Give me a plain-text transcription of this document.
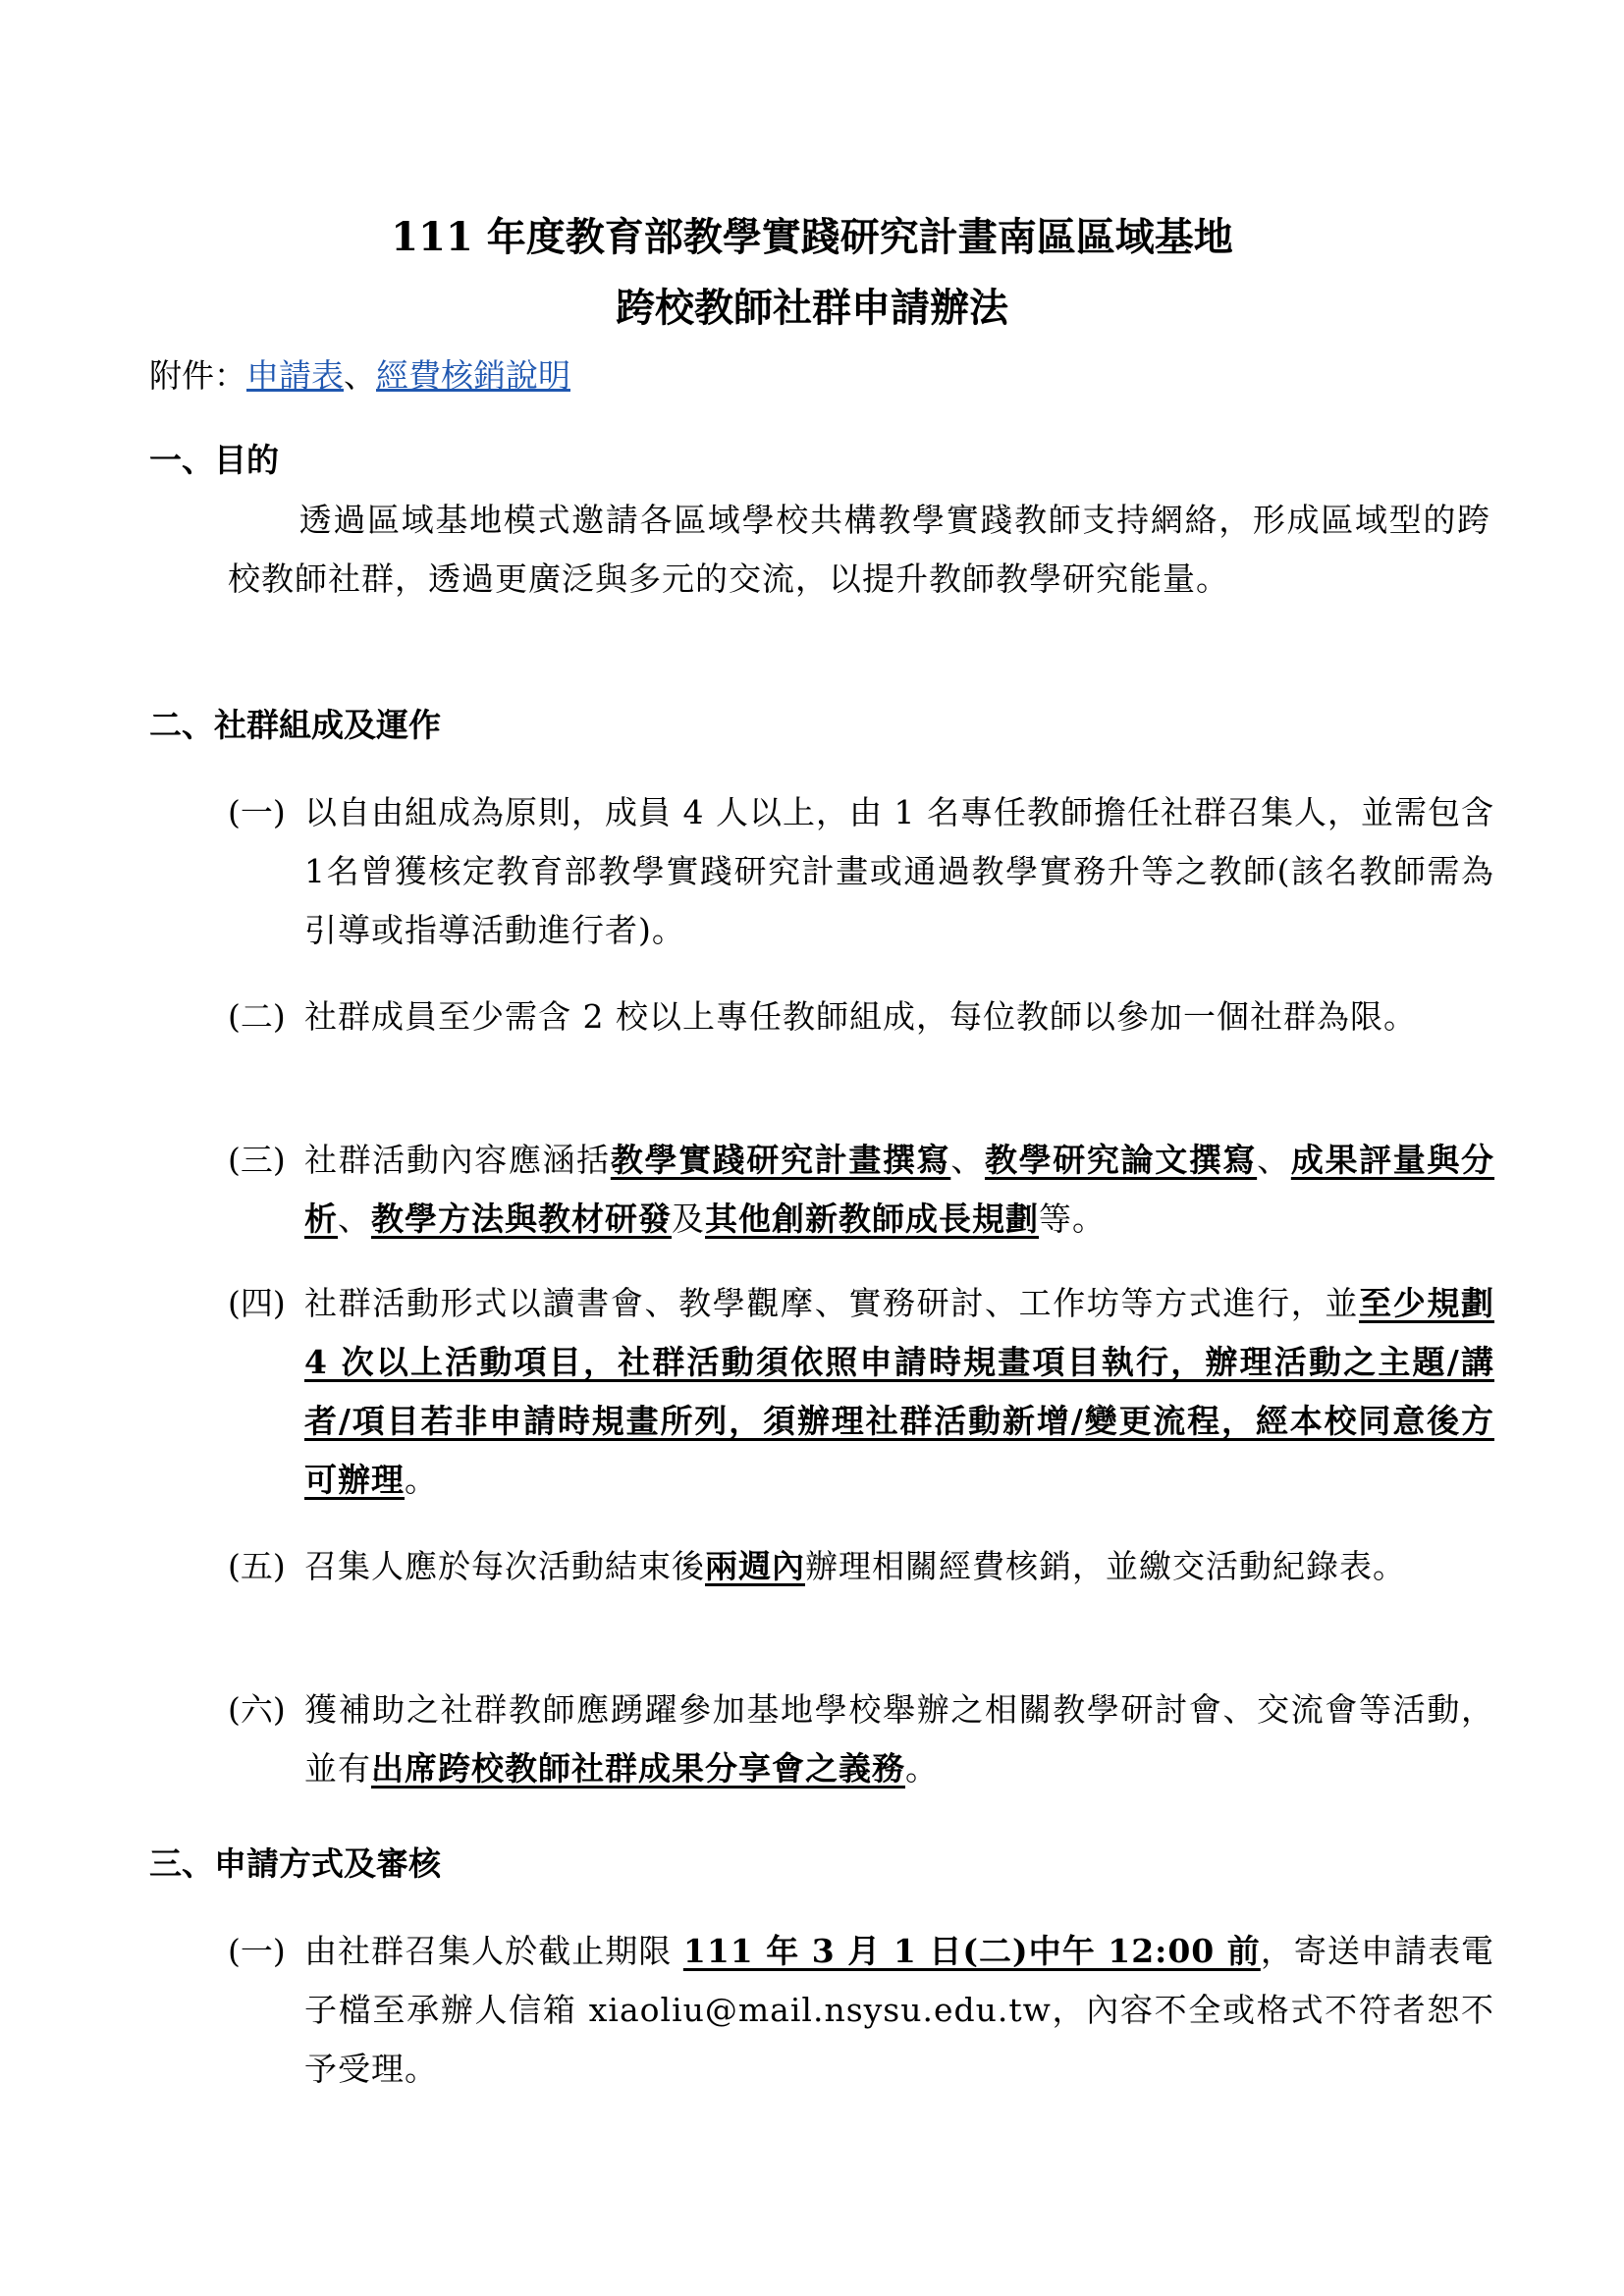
111 年度教育部教學實踐研究計畫南區區域基地
跨校教師社群申請辦法
附件：申請表、經費核銷說明
一、目的
透過區域基地模式邀請各區域學校共構教學實踐教師支持網絡，形成區域型的跨校教師社群，透過更廣泛與多元的交流，以提升教師教學研究能量。
二、社群組成及運作
(一) 以自由組成為原則，成員 4 人以上，由 1 名專任教師擔任社群召集人，並需包含1名曾獲核定教育部教學實踐研究計畫或通過教學實務升等之教師(該名教師需為引導或指導活動進行者)。
(二) 社群成員至少需含 2 校以上專任教師組成，每位教師以參加一個社群為限。
(三) 社群活動內容應涵括教學實踐研究計畫撰寫、教學研究論文撰寫、成果評量與分析、教學方法與教材研發及其他創新教師成長規劃等。
(四) 社群活動形式以讀書會、教學觀摩、實務研討、工作坊等方式進行，並至少規劃 4 次以上活動項目，社群活動須依照申請時規畫項目執行，辦理活動之主題/講者/項目若非申請時規畫所列，須辦理社群活動新增/變更流程，經本校同意後方可辦理。
(五) 召集人應於每次活動結束後兩週內辦理相關經費核銷，並繳交活動紀錄表。
(六) 獲補助之社群教師應踴躍參加基地學校舉辦之相關教學研討會、交流會等活動，並有出席跨校教師社群成果分享會之義務。
三、申請方式及審核
(一) 由社群召集人於截止期限 111 年 3 月 1 日(二)中午 12:00 前，寄送申請表電子檔至承辦人信箱 xiaoliu@mail.nsysu.edu.tw，內容不全或格式不符者恕不予受理。
